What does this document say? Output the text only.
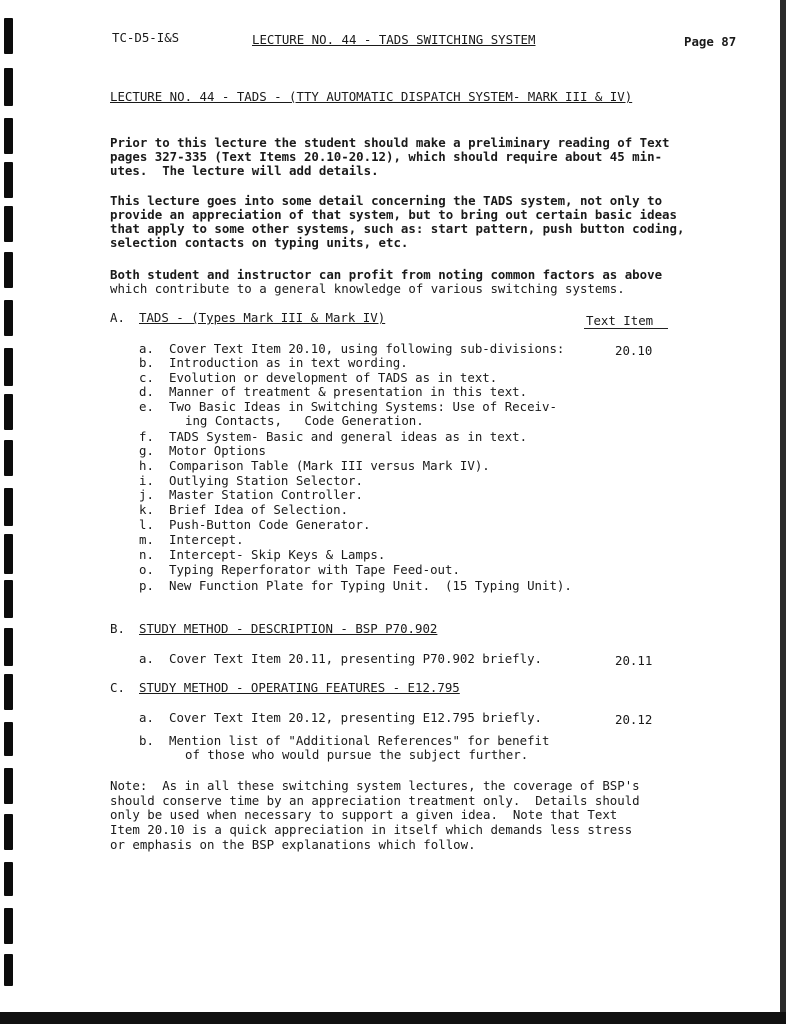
TC-D5-I&S	LECTURE NO. 44 - TADS SWITCHING SYSTEM	Page 87
LECTURE NO. 44 - TADS - (TTY AUTOMATIC DISPATCH SYSTEM- MARK III & IV)
Prior to this lecture the student should make a preliminary reading of Text
pages 327-335 (Text Items 20.10-20.12), which should require about 45 min-
utes.  The lecture will add details.
This lecture goes into some detail concerning the TADS system, not only to
provide an appreciation of that system, but to bring out certain basic ideas
that apply to some other systems, such as: start pattern, push button coding,
selection contacts on typing units, etc.
Both student and instructor can profit from noting common factors as above
which contribute to a general knowledge of various switching systems.
A. TADS - (Types Mark III & Mark IV)	Text Item
a. Cover Text Item 20.10, using following sub-divisions:	20.10
b. Introduction as in text wording.
c. Evolution or development of TADS as in text.
d. Manner of treatment & presentation in this text.
e. Two Basic Ideas in Switching Systems: Use of Receiv-
ing Contacts,   Code Generation.
f. TADS System- Basic and general ideas as in text.
g. Motor Options
h. Comparison Table (Mark III versus Mark IV).
i. Outlying Station Selector.
j. Master Station Controller.
k. Brief Idea of Selection.
l. Push-Button Code Generator.
m. Intercept.
n. Intercept- Skip Keys & Lamps.
o. Typing Reperforator with Tape Feed-out.
p. New Function Plate for Typing Unit.  (15 Typing Unit).
B. STUDY METHOD - DESCRIPTION - BSP P70.902
a. Cover Text Item 20.11, presenting P70.902 briefly.	20.11
C. STUDY METHOD - OPERATING FEATURES - E12.795
a. Cover Text Item 20.12, presenting E12.795 briefly.	20.12
b. Mention list of "Additional References" for benefit
of those who would pursue the subject further.
Note:  As in all these switching system lectures, the coverage of BSP's
should conserve time by an appreciation treatment only.  Details should
only be used when necessary to support a given idea.  Note that Text
Item 20.10 is a quick appreciation in itself which demands less stress
or emphasis on the BSP explanations which follow.
